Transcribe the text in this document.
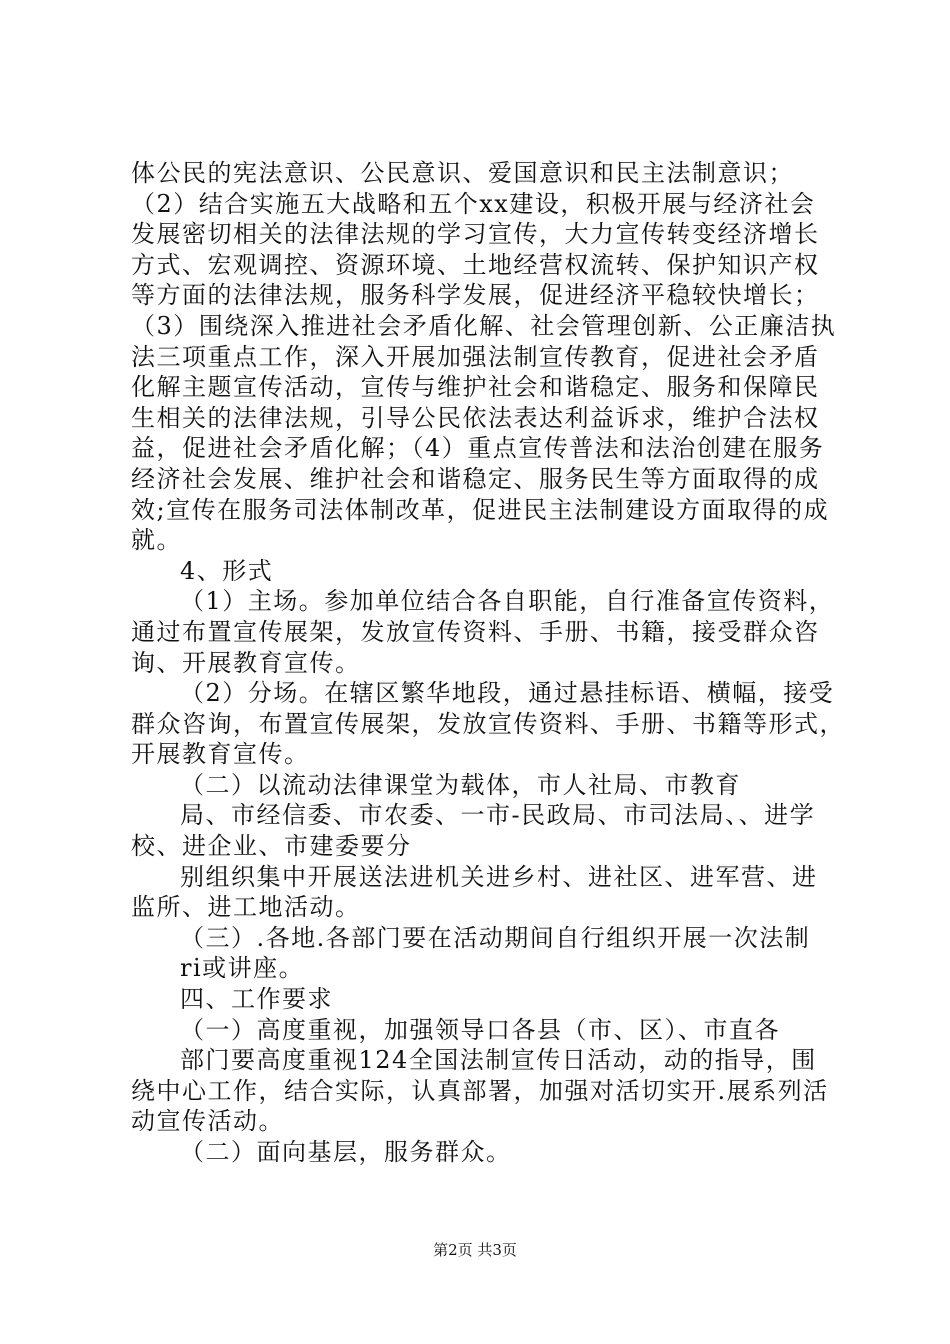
体公民的宪法意识、公民意识、爱国意识和民主法制意识；
（2）结合实施五大战略和五个xx建设，积极开展与经济社会
发展密切相关的法律法规的学习宣传，大力宣传转变经济增长
方式、宏观调控、资源环境、土地经营权流转、保护知识产权
等方面的法律法规，服务科学发展，促进经济平稳较快增长；
（3）围绕深入推进社会矛盾化解、社会管理创新、公正廉洁执
法三项重点工作，深入开展加强法制宣传教育，促进社会矛盾
化解主题宣传活动，宣传与维护社会和谐稳定、服务和保障民
生相关的法律法规，引导公民依法表达利益诉求，维护合法权
益，促进社会矛盾化解；（4）重点宣传普法和法治创建在服务
经济社会发展、维护社会和谐稳定、服务民生等方面取得的成
效;宣传在服务司法体制改革，促进民主法制建设方面取得的成
就。
4、形式
（1）主场。参加单位结合各自职能，自行准备宣传资料，
通过布置宣传展架，发放宣传资料、手册、书籍，接受群众咨
询、开展教育宣传。
（2）分场。在辖区繁华地段，通过悬挂标语、横幅，接受
群众咨询，布置宣传展架，发放宣传资料、手册、书籍等形式，
开展教育宣传。
（二）以流动法律课堂为载体，市人社局、市教育
局、市经信委、市农委、一市-民政局、市司法局、、进学
校、进企业、市建委要分
别组织集中开展送法进机关进乡村、进社区、进军营、进
监所、进工地活动。
（三）.各地.各部门要在活动期间自行组织开展一次法制
ri或讲座。
四、工作要求
（一）高度重视，加强领导口各县（市、区）、市直各
部门要高度重视124全国法制宣传日活动，动的指导，围
绕中心工作，结合实际，认真部署，加强对活切实开.展系列活
动宣传活动。
（二）面向基层，服务群众。
第2页 共3页
